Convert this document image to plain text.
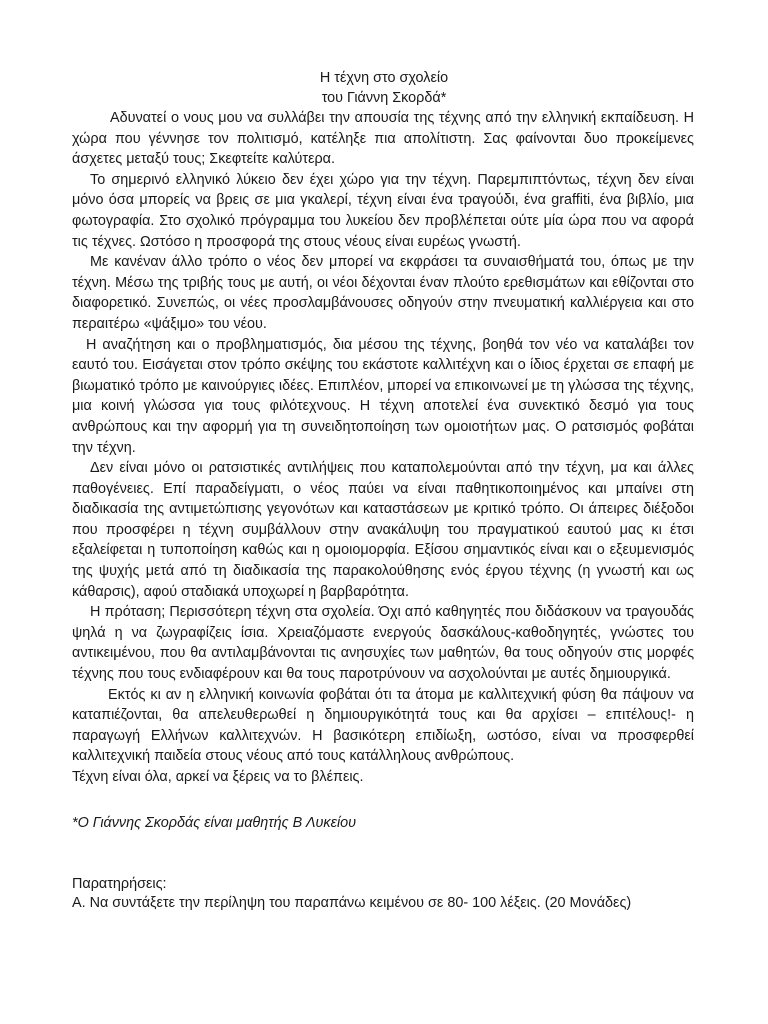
Η τέχνη στο σχολείο
του Γιάννη Σκορδά*

Αδυνατεί ο νους μου να συλλάβει την απουσία της τέχνης από την ελληνική εκπαίδευση. Η χώρα που γέννησε τον πολιτισμό, κατέληξε πια απολίτιστη. Σας φαίνονται δυο προκείμενες άσχετες μεταξύ τους; Σκεφτείτε καλύτερα.

Το σημερινό ελληνικό λύκειο δεν έχει χώρο για την τέχνη. Παρεμπιπτόντως, τέχνη δεν είναι μόνο όσα μπορείς να βρεις σε μια γκαλερί, τέχνη είναι ένα τραγούδι, ένα graffiti, ένα βιβλίο, μια φωτογραφία. Στο σχολικό πρόγραμμα του λυκείου δεν προβλέπεται ούτε μία ώρα που να αφορά τις τέχνες. Ωστόσο η προσφορά της στους νέους είναι ευρέως γνωστή.

Με κανέναν άλλο τρόπο ο νέος δεν μπορεί να εκφράσει τα συναισθήματά του, όπως με την τέχνη. Μέσω της τριβής τους με αυτή, οι νέοι δέχονται έναν πλούτο ερεθισμάτων και εθίζονται στο διαφορετικό. Συνεπώς, οι νέες προσλαμβάνουσες οδηγούν στην πνευματική καλλιέργεια και στο περαιτέρω «ψάξιμο» του νέου.

Η αναζήτηση και ο προβληματισμός, δια μέσου της τέχνης, βοηθά τον νέο να καταλάβει τον εαυτό του. Εισάγεται στον τρόπο σκέψης του εκάστοτε καλλιτέχνη και ο ίδιος έρχεται σε επαφή με βιωματικό τρόπο με καινούργιες ιδέες. Επιπλέον, μπορεί να επικοινωνεί με τη γλώσσα της τέχνης, μια κοινή γλώσσα για τους φιλότεχνους. Η τέχνη αποτελεί ένα συνεκτικό δεσμό για τους ανθρώπους και την αφορμή για τη συνειδητοποίηση των ομοιοτήτων μας. Ο ρατσισμός φοβάται την τέχνη.

Δεν είναι μόνο οι ρατσιστικές αντιλήψεις που καταπολεμούνται από την τέχνη, μα και άλλες παθογένειες. Επί παραδείγματι, ο νέος παύει να είναι παθητικοποιημένος και μπαίνει στη διαδικασία της αντιμετώπισης γεγονότων και καταστάσεων με κριτικό τρόπο. Οι άπειρες διέξοδοι που προσφέρει η τέχνη συμβάλλουν στην ανακάλυψη του πραγματικού εαυτού μας κι έτσι εξαλείφεται η τυποποίηση καθώς και η ομοιομορφία. Εξίσου σημαντικός είναι και ο εξευμενισμός της ψυχής μετά από τη διαδικασία της παρακολούθησης ενός έργου τέχνης (η γνωστή και ως κάθαρσις), αφού σταδιακά υποχωρεί η βαρβαρότητα.

Η πρόταση; Περισσότερη τέχνη στα σχολεία. Όχι από καθηγητές που διδάσκουν να τραγουδάς ψηλά η να ζωγραφίζεις ίσια. Χρειαζόμαστε ενεργούς δασκάλους-καθοδηγητές, γνώστες του αντικειμένου, που θα αντιλαμβάνονται τις ανησυχίες των μαθητών, θα τους οδηγούν στις μορφές τέχνης που τους ενδιαφέρουν και θα τους παροτρύνουν να ασχολούνται με αυτές δημιουργικά.

Εκτός κι αν η ελληνική κοινωνία φοβάται ότι τα άτομα με καλλιτεχνική φύση θα πάψουν να καταπιέζονται, θα απελευθερωθεί η δημιουργικότητά τους και θα αρχίσει – επιτέλους!- η παραγωγή Ελλήνων καλλιτεχνών. Η βασικότερη επιδίωξη, ωστόσο, είναι να προσφερθεί καλλιτεχνική παιδεία στους νέους από τους κατάλληλους ανθρώπους.

Τέχνη είναι όλα, αρκεί να ξέρεις να το βλέπεις.

*Ο Γιάννης Σκορδάς είναι μαθητής Β Λυκείου
Παρατηρήσεις:
Α. Να συντάξετε την περίληψη του παραπάνω κειμένου σε 80- 100 λέξεις. (20 Μονάδες)
